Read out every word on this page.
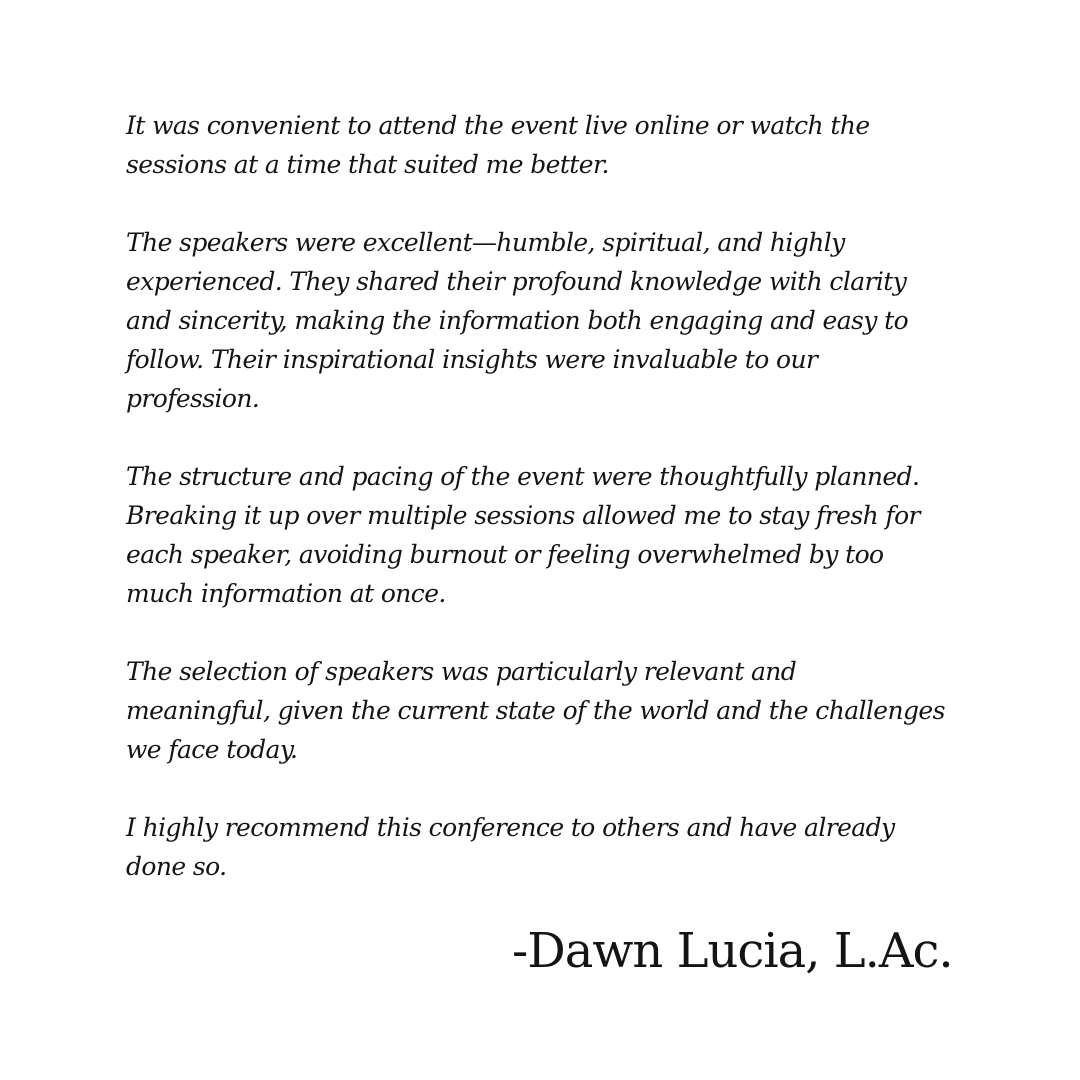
It was convenient to attend the event live online or watch the
sessions at a time that suited me better.

The speakers were excellent—humble, spiritual, and highly
experienced. They shared their profound knowledge with clarity
and sincerity, making the information both engaging and easy to
follow. Their inspirational insights were invaluable to our
profession.

The structure and pacing of the event were thoughtfully planned.
Breaking it up over multiple sessions allowed me to stay fresh for
each speaker, avoiding burnout or feeling overwhelmed by too
much information at once.

The selection of speakers was particularly relevant and
meaningful, given the current state of the world and the challenges
we face today.

I highly recommend this conference to others and have already
done so.

-Dawn Lucia, L.Ac.
